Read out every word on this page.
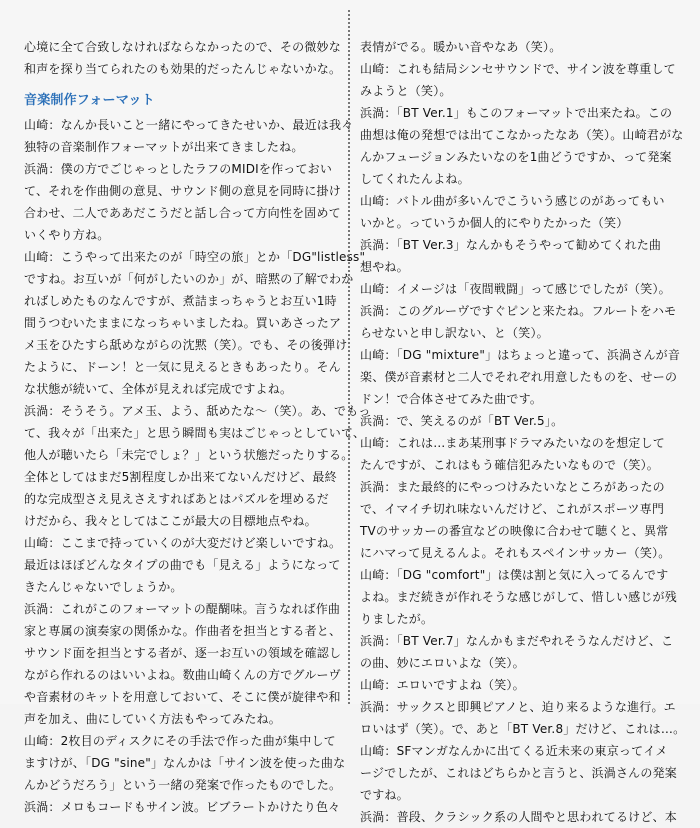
心境に全て合致しなければならなかったので、その微妙な
和声を探り当てられたのも効果的だったんじゃないかな。
音楽制作フォーマット
山崎：なんか長いこと一緒にやってきたせいか、最近は我々
独特の音楽制作フォーマットが出来てきましたね。
浜渦：僕の方でごじゃっとしたラフのMIDIを作っておい
て、それを作曲側の意見、サウンド側の意見を同時に掛け
合わせ、二人でああだこうだと話し合って方向性を固めて
いくやり方ね。
山崎：こうやって出来たのが「時空の旅」とか「DG"listless"
ですね。お互いが「何がしたいのか」が、暗黙の了解でわか
ればしめたものなんですが、煮詰まっちゃうとお互い1時
間うつむいたままになっちゃいましたね。買いあさったア
メ玉をひたすら舐めながらの沈黙（笑）。でも、その後弾け
たように、ドーン！と一気に見えるときもあったり。そん
な状態が続いて、全体が見えれば完成ですよね。
浜渦：そうそう。アメ玉、よう、舐めたな～（笑）。あ、でもっ
て、我々が「出来た」と思う瞬間も実はごじゃっとしていて、
他人が聴いたら「未完でしょ？」という状態だったりする。
全体としてはまだ5割程度しか出来てないんだけど、最終
的な完成型さえ見えさえすればあとはパズルを埋めるだ
けだから、我々としてはここが最大の目標地点やね。
山崎：ここまで持っていくのが大変だけど楽しいですね。
最近はほぼどんなタイプの曲でも「見える」ようになって
きたんじゃないでしょうか。
浜渦：これがこのフォーマットの醍醐味。言うなれば作曲
家と専属の演奏家の関係かな。作曲者を担当とする者と、
サウンド面を担当とする者が、逐一お互いの領域を確認し
ながら作れるのはいいよね。数曲山崎くんの方でグルーヴ
や音素材のキットを用意しておいて、そこに僕が旋律や和
声を加え、曲にしていく方法もやってみたね。
山崎：2枚目のディスクにその手法で作った曲が集中して
ますけが、「DG "sine"」なんかは「サイン波を使った曲な
んかどうだろう」という一緒の発案で作ったものでした。
浜渦：メロもコードもサイン波。ビブラートかけたり色々
表情がでる。暖かい音やなあ（笑）。
山崎：これも結局シンセサウンドで、サイン波を尊重して
みようと（笑）。
浜渦：「BT Ver.1」もこのフォーマットで出来たね。この
曲想は俺の発想では出てこなかったなあ（笑）。山崎君がな
んかフュージョンみたいなのを1曲どうですか、って発案
してくれたんよね。
山崎：バトル曲が多いんでこういう感じのがあってもい
いかと。っていうか個人的にやりたかった（笑）
浜渦：「BT Ver.3」なんかもそうやって勧めてくれた曲
想やね。
山崎：イメージは「夜間戦闘」って感じでしたが（笑）。
浜渦：このグルーヴですぐピンと来たね。フルートをハモ
らせないと申し訳ない、と（笑）。
山崎：「DG "mixture"」はちょっと違って、浜渦さんが音
楽、僕が音素材と二人でそれぞれ用意したものを、せーの
ドン！で合体させてみた曲です。
浜渦：で、笑えるのが「BT Ver.5」。
山崎：これは…まあ某刑事ドラマみたいなのを想定して
たんですが、これはもう確信犯みたいなもので（笑）。
浜渦：また最終的にやっつけみたいなところがあったの
で、イマイチ切れ味ないんだけど、これがスポーツ専門
TVのサッカーの番宣などの映像に合わせて聴くと、異常
にハマって見えるんよ。それもスペインサッカー（笑）。
山崎：「DG "comfort"」は僕は割と気に入ってるんです
よね。まだ続きが作れそうな感じがして、惜しい感じが残
りましたが。
浜渦：「BT Ver.7」なんかもまだやれそうなんだけど、こ
の曲、妙にエロいよな（笑）。
山崎：エロいですよね（笑）。
浜渦：サックスと即興ピアノと、迫り来るような進行。エ
ロいはず（笑）。で、あと「BT Ver.8」だけど、これは…。
山崎：SFマンガなんかに出てくる近未来の東京ってイメ
ージでしたが、これはどちらかと言うと、浜渦さんの発案
ですね。
浜渦：普段、クラシック系の人間やと思われてるけど、本
